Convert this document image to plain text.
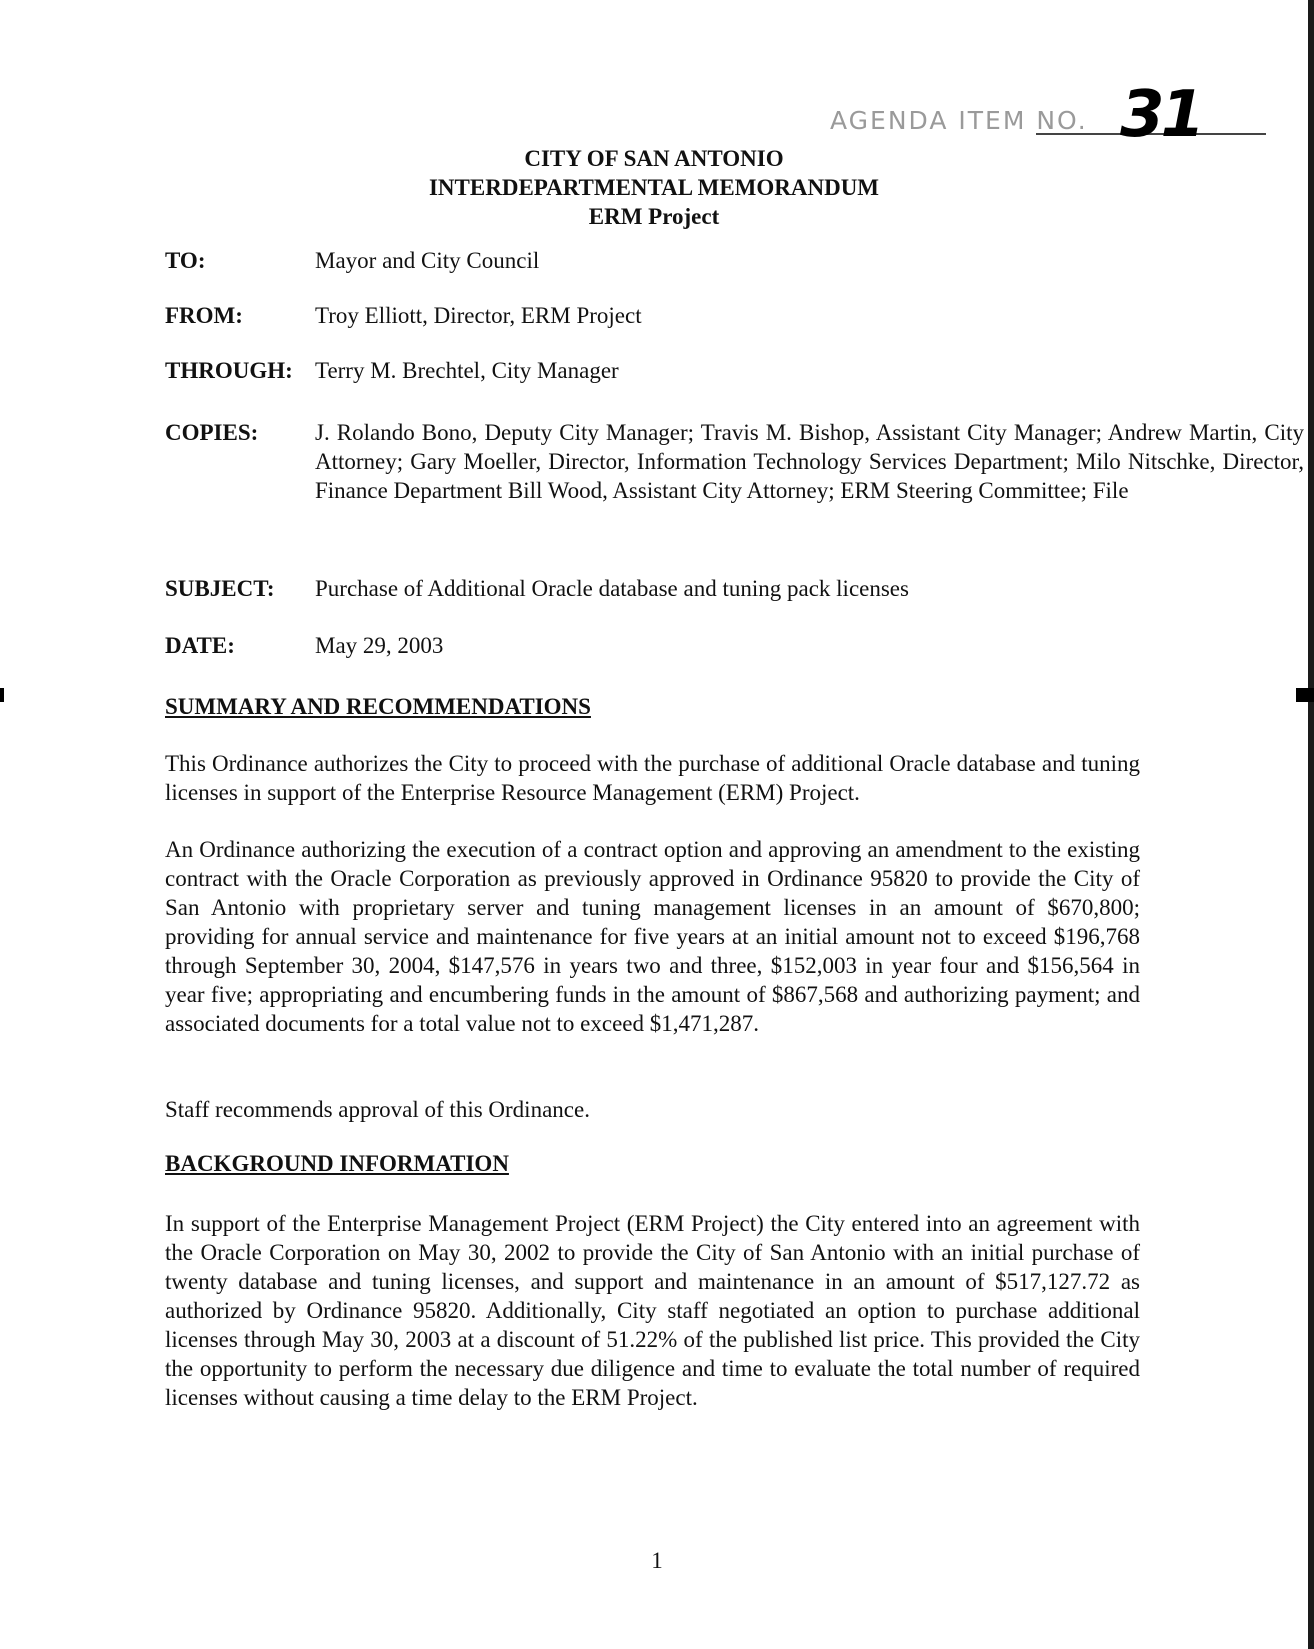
AGENDA ITEM NO. 31
CITY OF SAN ANTONIO
INTERDEPARTMENTAL MEMORANDUM
ERM Project
TO:	Mayor and City Council
FROM:	Troy Elliott, Director, ERM Project
THROUGH: Terry M. Brechtel, City Manager
COPIES: J. Rolando Bono, Deputy City Manager; Travis M. Bishop, Assistant City Manager; Andrew Martin, City Attorney; Gary Moeller, Director, Information Technology Services Department; Milo Nitschke, Director, Finance Department Bill Wood, Assistant City Attorney; ERM Steering Committee; File
SUBJECT: Purchase of Additional Oracle database and tuning pack licenses
DATE:	May 29, 2003
SUMMARY AND RECOMMENDATIONS
This Ordinance authorizes the City to proceed with the purchase of additional Oracle database and tuning licenses in support of the Enterprise Resource Management (ERM) Project.
An Ordinance authorizing the execution of a contract option and approving an amendment to the existing contract with the Oracle Corporation as previously approved in Ordinance 95820 to provide the City of San Antonio with proprietary server and tuning management licenses in an amount of $670,800; providing for annual service and maintenance for five years at an initial amount not to exceed $196,768 through September 30, 2004, $147,576 in years two and three, $152,003 in year four and $156,564 in year five; appropriating and encumbering funds in the amount of $867,568 and authorizing payment; and associated documents for a total value not to exceed $1,471,287.
Staff recommends approval of this Ordinance.
BACKGROUND INFORMATION
In support of the Enterprise Management Project (ERM Project) the City entered into an agreement with the Oracle Corporation on May 30, 2002 to provide the City of San Antonio with an initial purchase of twenty database and tuning licenses, and support and maintenance in an amount of $517,127.72 as authorized by Ordinance 95820. Additionally, City staff negotiated an option to purchase additional licenses through May 30, 2003 at a discount of 51.22% of the published list price. This provided the City the opportunity to perform the necessary due diligence and time to evaluate the total number of required licenses without causing a time delay to the ERM Project.
1
